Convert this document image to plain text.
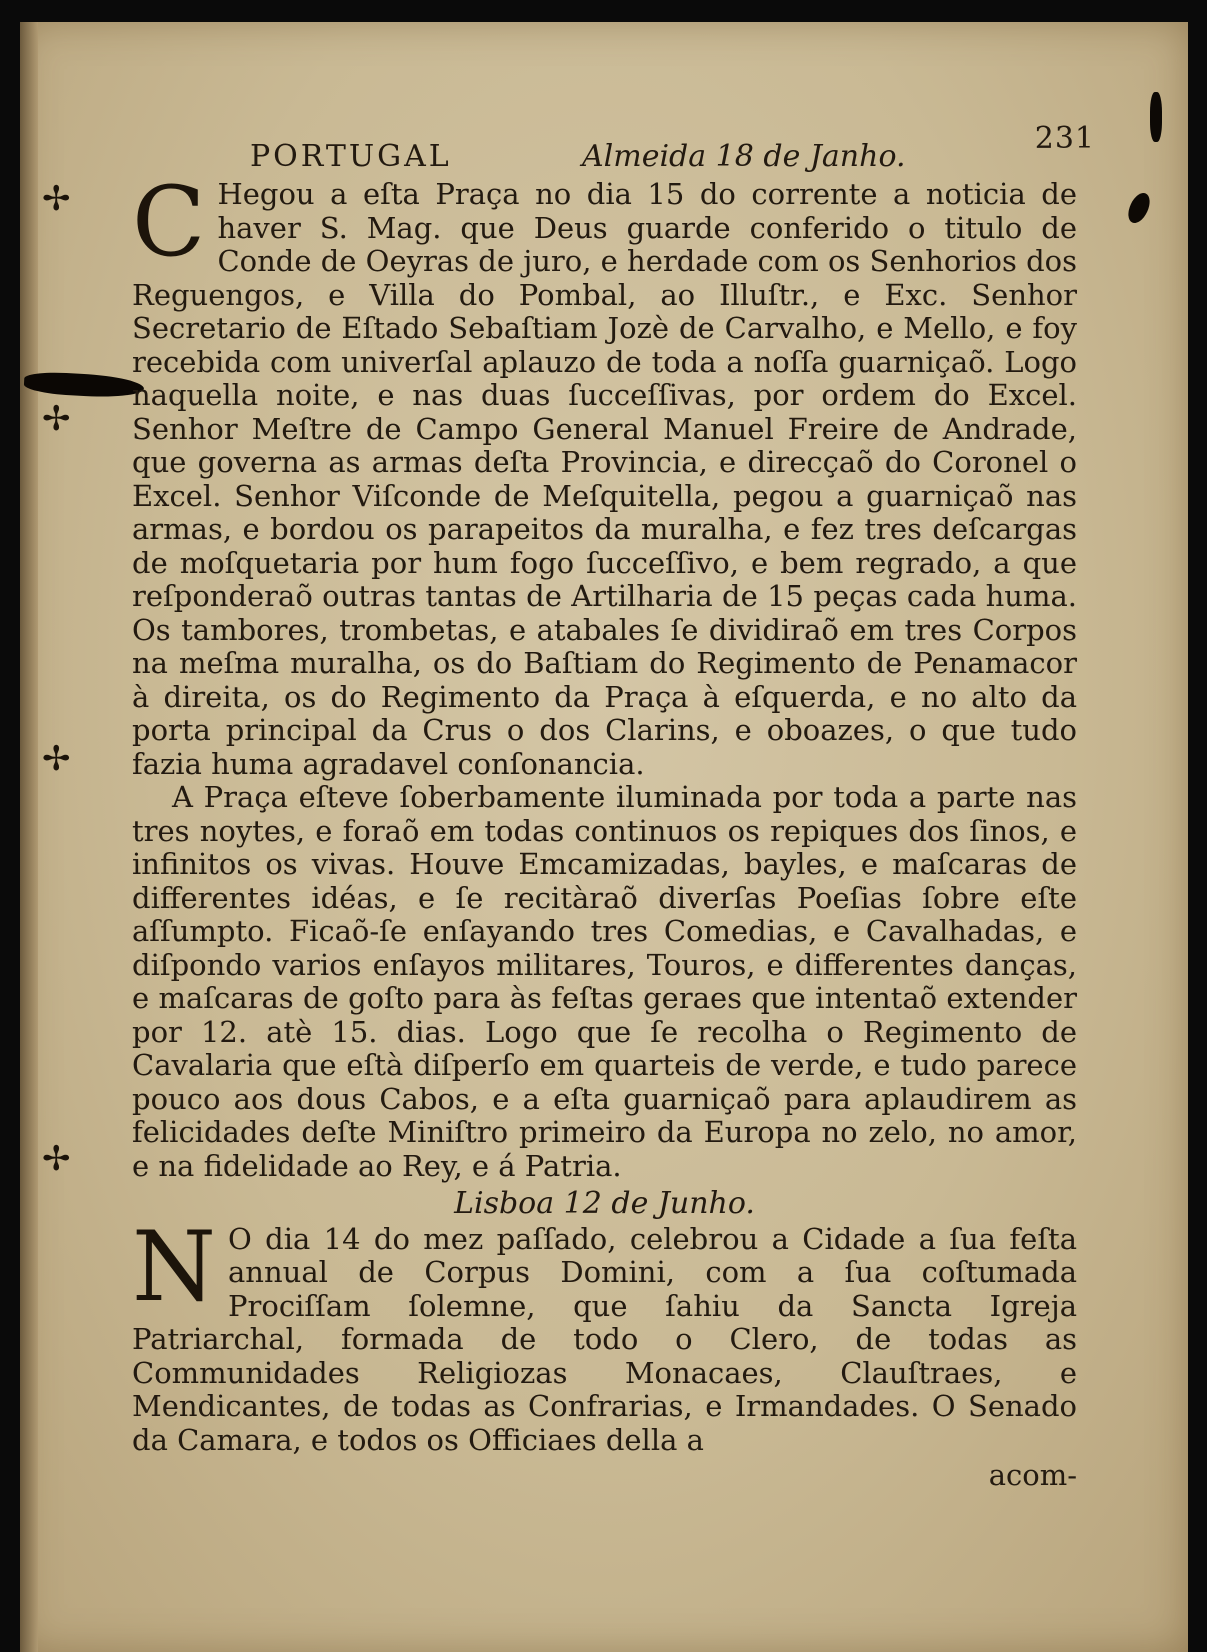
✢
✢
✢
✢
PORTUGAL	Almeida 18 de Janho.
231

C Hegou a eſta Praça no dia 15 do corrente a noticia de haver S. Mag. que Deus guarde conferido o titulo de Conde de Oeyras de juro, e herdade com os Senhorios dos Reguengos, e Villa do Pombal, ao Illuſtr., e Exc. Senhor Secretario de Eſtado Sebaſtiam Jozè de Carvalho, e Mello, e foy recebida com univerſal aplauzo de toda a noſſa guarniçaõ. Logo naquella noite, e nas duas ſucceſſivas, por ordem do Excel. Senhor Meſtre de Campo General Manuel Freire de Andrade, que governa as armas deſta Provincia, e direcçaõ do Coronel o Excel. Senhor Viſconde de Meſquitella, pegou a guarniçaõ nas armas, e bordou os parapeitos da muralha, e fez tres deſcargas de moſquetaria por hum fogo ſucceſſivo, e bem regrado, a que reſponderaõ outras tantas de Artilharia de 15 peças cada huma. Os tambores, trombetas, e atabales ſe dividiraõ em tres Corpos na meſma muralha, os do Baſtiam do Regimento de Penamacor à direita, os do Regimento da Praça à eſquerda, e no alto da porta principal da Crus o dos Clarins, e oboazes, o que tudo fazia huma agradavel conſonancia.

A Praça eſteve ſoberbamente iluminada por toda a parte nas tres noytes, e foraõ em todas continuos os repiques dos ſinos, e infinitos os vivas. Houve Emcamizadas, bayles, e maſcaras de differentes idéas, e ſe recitàraõ diverſas Poeſias ſobre eſte aſſumpto. Ficaõ-ſe enſayando tres Comedias, e Cavalhadas, e diſpondo varios enſayos militares, Touros, e differentes danças, e maſcaras de goſto para às feſtas geraes que intentaõ extender por 12. atè 15. dias. Logo que ſe recolha o Regimento de Cavalaria que eſtà diſperſo em quarteis de verde, e tudo parece pouco aos dous Cabos, e a eſta guarniçaõ para aplaudirem as felicidades deſte Miniſtro primeiro da Europa no zelo, no amor, e na fidelidade ao Rey, e á Patria.

Lisboa 12 de Junho.

N O dia 14 do mez paſſado, celebrou a Cidade a ſua feſta annual de Corpus Domini, com a ſua coſtumada Prociſſam ſolemne, que ſahiu da Sancta Igreja Patriarchal, formada de todo o Clero, de todas as Communidades Religiozas Monacaes, Clauſtraes, e Mendicantes, de todas as Confrarias, e Irmandades. O Senado da Camara, e todos os Officiaes della a

acom-
